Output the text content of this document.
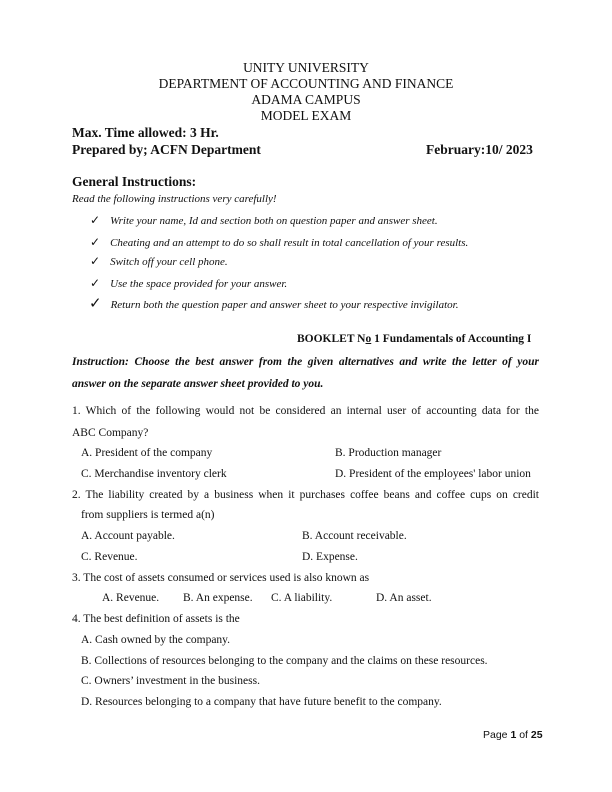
UNITY UNIVERSITY
DEPARTMENT OF ACCOUNTING AND FINANCE
ADAMA CAMPUS
MODEL EXAM
Max. Time allowed: 3 Hr.
Prepared by; ACFN Department	February:10/ 2023
General Instructions:
Read the following instructions very carefully!
✓ Write your name, Id and section both on question paper and answer sheet.
✓ Cheating and an attempt to do so shall result in total cancellation of your results.
✓ Switch off your cell phone.
✓ Use the space provided for your answer.
✓ Return both the question paper and answer sheet to your respective invigilator.
BOOKLET No 1 Fundamentals of Accounting I
Instruction: Choose the best answer from the given alternatives and write the letter of your
answer on the separate answer sheet provided to you.
1. Which of the following would not be considered an internal user of accounting data for the
ABC Company?
A. President of the company	B. Production manager
C. Merchandise inventory clerk	D. President of the employees' labor union
2. The liability created by a business when it purchases coffee beans and coffee cups on credit
from suppliers is termed a(n)
A. Account payable.	B. Account receivable.
C. Revenue.	D. Expense.
3. The cost of assets consumed or services used is also known as
A. Revenue. B. An expense. C. A liability.	D. An asset.
4. The best definition of assets is the
A. Cash owned by the company.
B. Collections of resources belonging to the company and the claims on these resources.
C. Owners’ investment in the business.
D. Resources belonging to a company that have future benefit to the company.
Page 1 of 25
